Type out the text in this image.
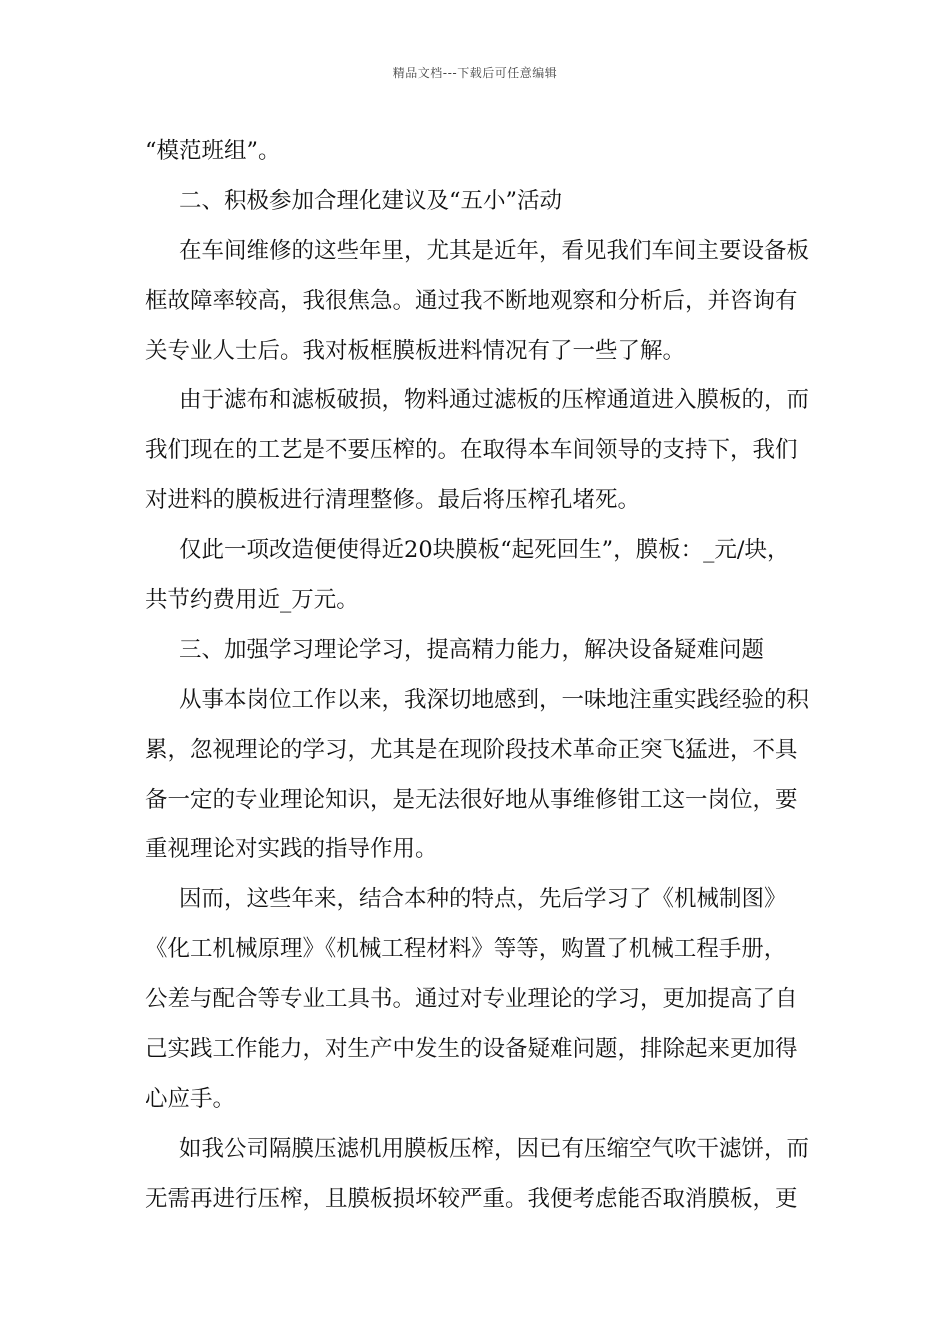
精品文档---下载后可任意编辑
“模范班组”。
二、积极参加合理化建议及“五小”活动
在车间维修的这些年里，尤其是近年，看见我们车间主要设备板
框故障率较高，我很焦急。通过我不断地观察和分析后，并咨询有
关专业人士后。我对板框膜板进料情况有了一些了解。
由于滤布和滤板破损，物料通过滤板的压榨通道进入膜板的，而
我们现在的工艺是不要压榨的。在取得本车间领导的支持下，我们
对进料的膜板进行清理整修。最后将压榨孔堵死。
仅此一项改造便使得近20块膜板“起死回生”，膜板：_元/块，
共节约费用近_万元。
三、加强学习理论学习，提高精力能力，解决设备疑难问题
从事本岗位工作以来，我深切地感到，一味地注重实践经验的积
累，忽视理论的学习，尤其是在现阶段技术革命正突飞猛进，不具
备一定的专业理论知识，是无法很好地从事维修钳工这一岗位，要
重视理论对实践的指导作用。
因而，这些年来，结合本种的特点，先后学习了《机械制图》
《化工机械原理》《机械工程材料》等等，购置了机械工程手册，
公差与配合等专业工具书。通过对专业理论的学习，更加提高了自
己实践工作能力，对生产中发生的设备疑难问题，排除起来更加得
心应手。
如我公司隔膜压滤机用膜板压榨，因已有压缩空气吹干滤饼，而
无需再进行压榨，且膜板损坏较严重。我便考虑能否取消膜板，更
